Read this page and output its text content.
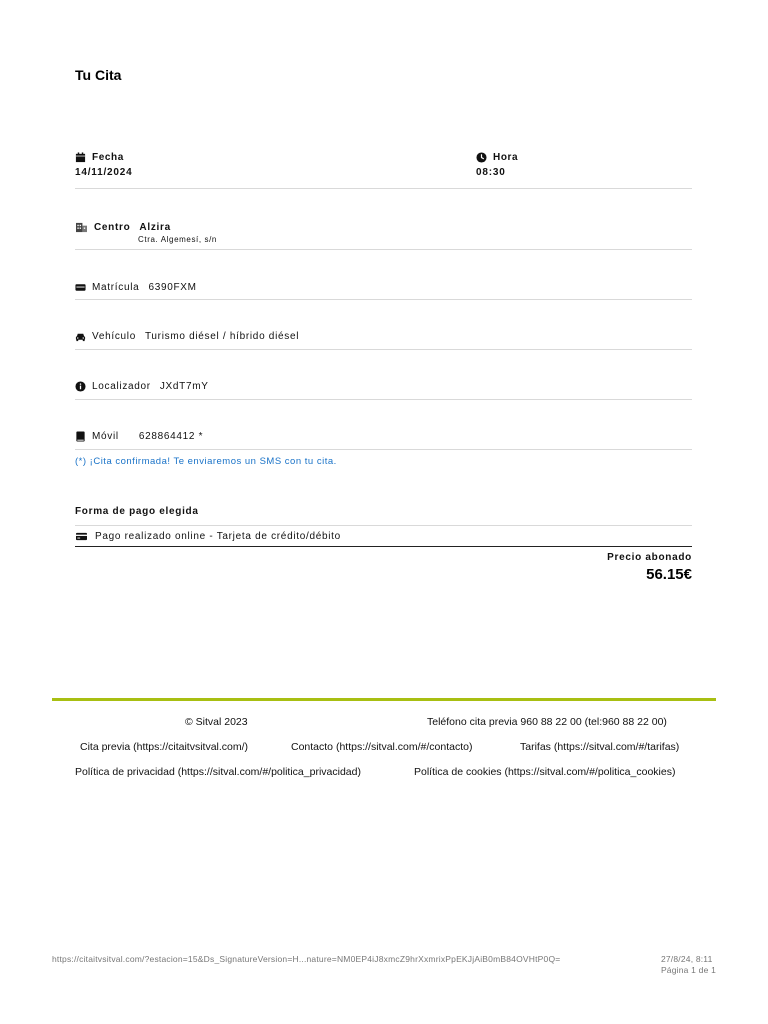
Tu Cita
Fecha
14/11/2024
Hora
08:30
Centro Alzira
Ctra. Algemesí, s/n
Matrícula 6390FXM
Vehículo Turismo diésel / híbrido diésel
Localizador JXdT7mY
Móvil 628864412 *
(*) ¡Cita confirmada! Te enviaremos un SMS con tu cita.
Forma de pago elegida
Pago realizado online - Tarjeta de crédito/débito
Precio abonado
56.15€
© Sitval 2023	Teléfono cita previa 960 88 22 00 (tel:960 88 22 00)
Cita previa (https://citaitvsitval.com/)	Contacto (https://sitval.com/#/contacto)	Tarifas (https://sitval.com/#/tarifas)
Política de privacidad (https://sitval.com/#/politica_privacidad)	Política de cookies (https://sitval.com/#/politica_cookies)
https://citaitvsitval.com/?estacion=15&Ds_SignatureVersion=H...nature=NM0EP4iJ8xmcZ9hrXxmrixPpEKJjAiB0mB84OVHtP0Q=	27/8/24, 8:11
Página 1 de 1
